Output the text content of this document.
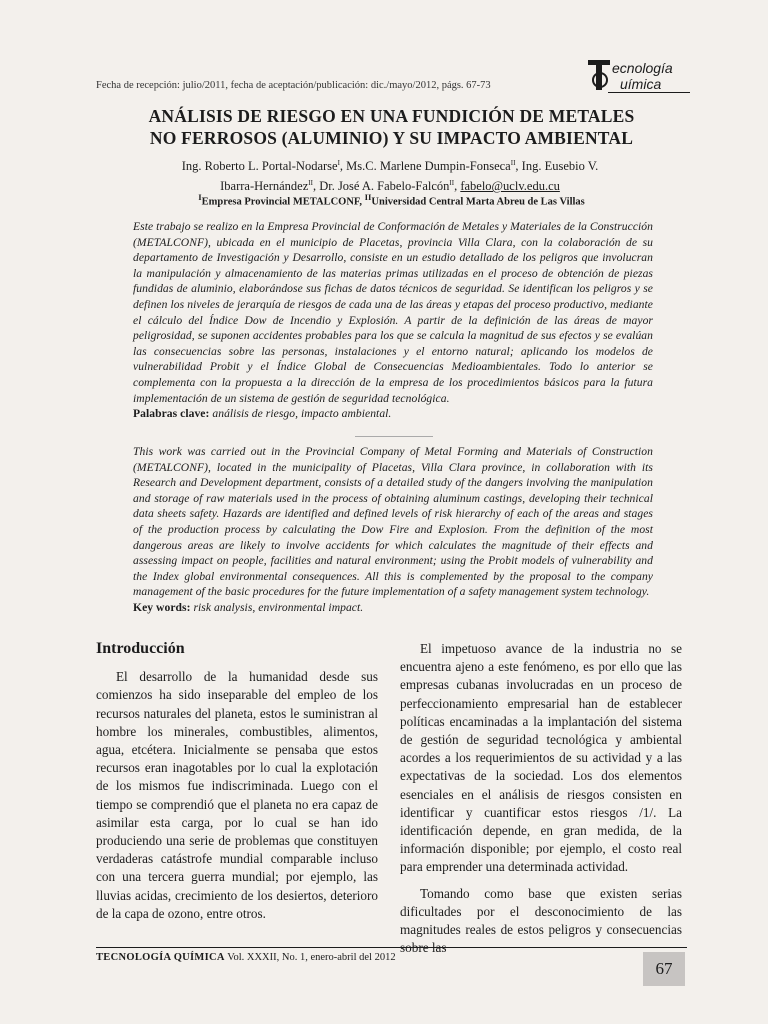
Fecha de recepción: julio/2011, fecha de aceptación/publicación: dic./mayo/2012, págs. 67-73
ecnología
uímica
ANÁLISIS DE RIESGO EN UNA FUNDICIÓN DE METALES
NO FERROSOS (ALUMINIO) Y SU IMPACTO AMBIENTAL
Ing. Roberto L. Portal-Nodarse$^I$, Ms.C. Marlene Dumpin-Fonseca$^{II}$, Ing. Eusebio V.
Ibarra-Hernández$^{II}$, Dr. José A. Fabelo-Falcón$^{II}$, fabelo@uclv.edu.cu
$^I$Empresa Provincial METALCONF, $^{II}$Universidad Central Marta Abreu de Las Villas
Este trabajo se realizo en la Empresa Provincial de Conformación de Metales y Materiales de la Construcción (METALCONF), ubicada en el municipio de Placetas, provincia Villa Clara, con la colaboración de su departamento de Investigación y Desarrollo, consiste en un estudio detallado de los peligros que involucran la manipulación y almacenamiento de las materias primas utilizadas en el proceso de obtención de piezas fundidas de aluminio, elaborándose sus fichas de datos técnicos de seguridad. Se identifican los peligros y se definen los niveles de jerarquía de riesgos de cada una de las áreas y etapas del proceso productivo, mediante el cálculo del Índice Dow de Incendio y Explosión. A partir de la definición de las áreas de mayor peligrosidad, se suponen accidentes probables para los que se calcula la magnitud de sus efectos y se evalúan las consecuencias sobre las personas, instalaciones y el entorno natural; aplicando los modelos de vulnerabilidad Probit y el Índice Global de Consecuencias Medioambientales. Todo lo anterior se complementa con la propuesta a la dirección de la empresa de los procedimientos básicos para la futura implementación de un sistema de gestión de seguridad tecnológica.
Palabras clave: análisis de riesgo, impacto ambiental.
This work was carried out in the Provincial Company of Metal Forming and Materials of Construction (METALCONF), located in the municipality of Placetas, Villa Clara province, in collaboration with its Research and Development department, consists of a detailed study of the dangers involving the manipulation and storage of raw materials used in the process of obtaining aluminum castings, developing their technical data sheets safety. Hazards are identified and defined levels of risk hierarchy of each of the areas and stages of the production process by calculating the Dow Fire and Explosion. From the definition of the most dangerous areas are likely to involve accidents for which calculates the magnitude of their effects and assessing impact on people, facilities and natural environment; using the Probit models of vulnerability and the Index global environmental consequences. All this is complemented by the proposal to the company management of the basic procedures for the future implementation of a safety management system technology.
Key words: risk analysis, environmental impact.

Introducción

El desarrollo de la humanidad desde sus comienzos ha sido inseparable del empleo de los recursos naturales del planeta, estos le suministran al hombre los minerales, combustibles, alimentos, agua, etcétera. Inicialmente se pensaba que estos recursos eran inagotables por lo cual la explotación de los mismos fue indiscriminada. Luego con el tiempo se comprendió que el planeta no era capaz de asimilar esta carga, por lo cual se han ido produciendo una serie de problemas que constituyen verdaderas catástrofe mundial comparable incluso con una tercera guerra mundial; por ejemplo, las lluvias acidas, crecimiento de los desiertos, deterioro de la capa de ozono, entre otros.

El impetuoso avance de la industria no se encuentra ajeno a este fenómeno, es por ello que las empresas cubanas involucradas en un proceso de perfeccionamiento empresarial han de establecer políticas encaminadas a la implantación del sistema de gestión de seguridad tecnológica y ambiental acordes a los requerimientos de su actividad y a las expectativas de la sociedad. Los dos elementos esenciales en el análisis de riesgos consisten en identificar y cuantificar estos riesgos /1/. La identificación depende, en gran medida, de la información disponible; por ejemplo, el costo real para emprender una determinada actividad.

Tomando como base que existen serias dificultades por el desconocimiento de las magnitudes reales de estos peligros y consecuencias sobre las

TECNOLOGÍA QUÍMICA Vol. XXXII, No. 1, enero-abril del 2012
67
